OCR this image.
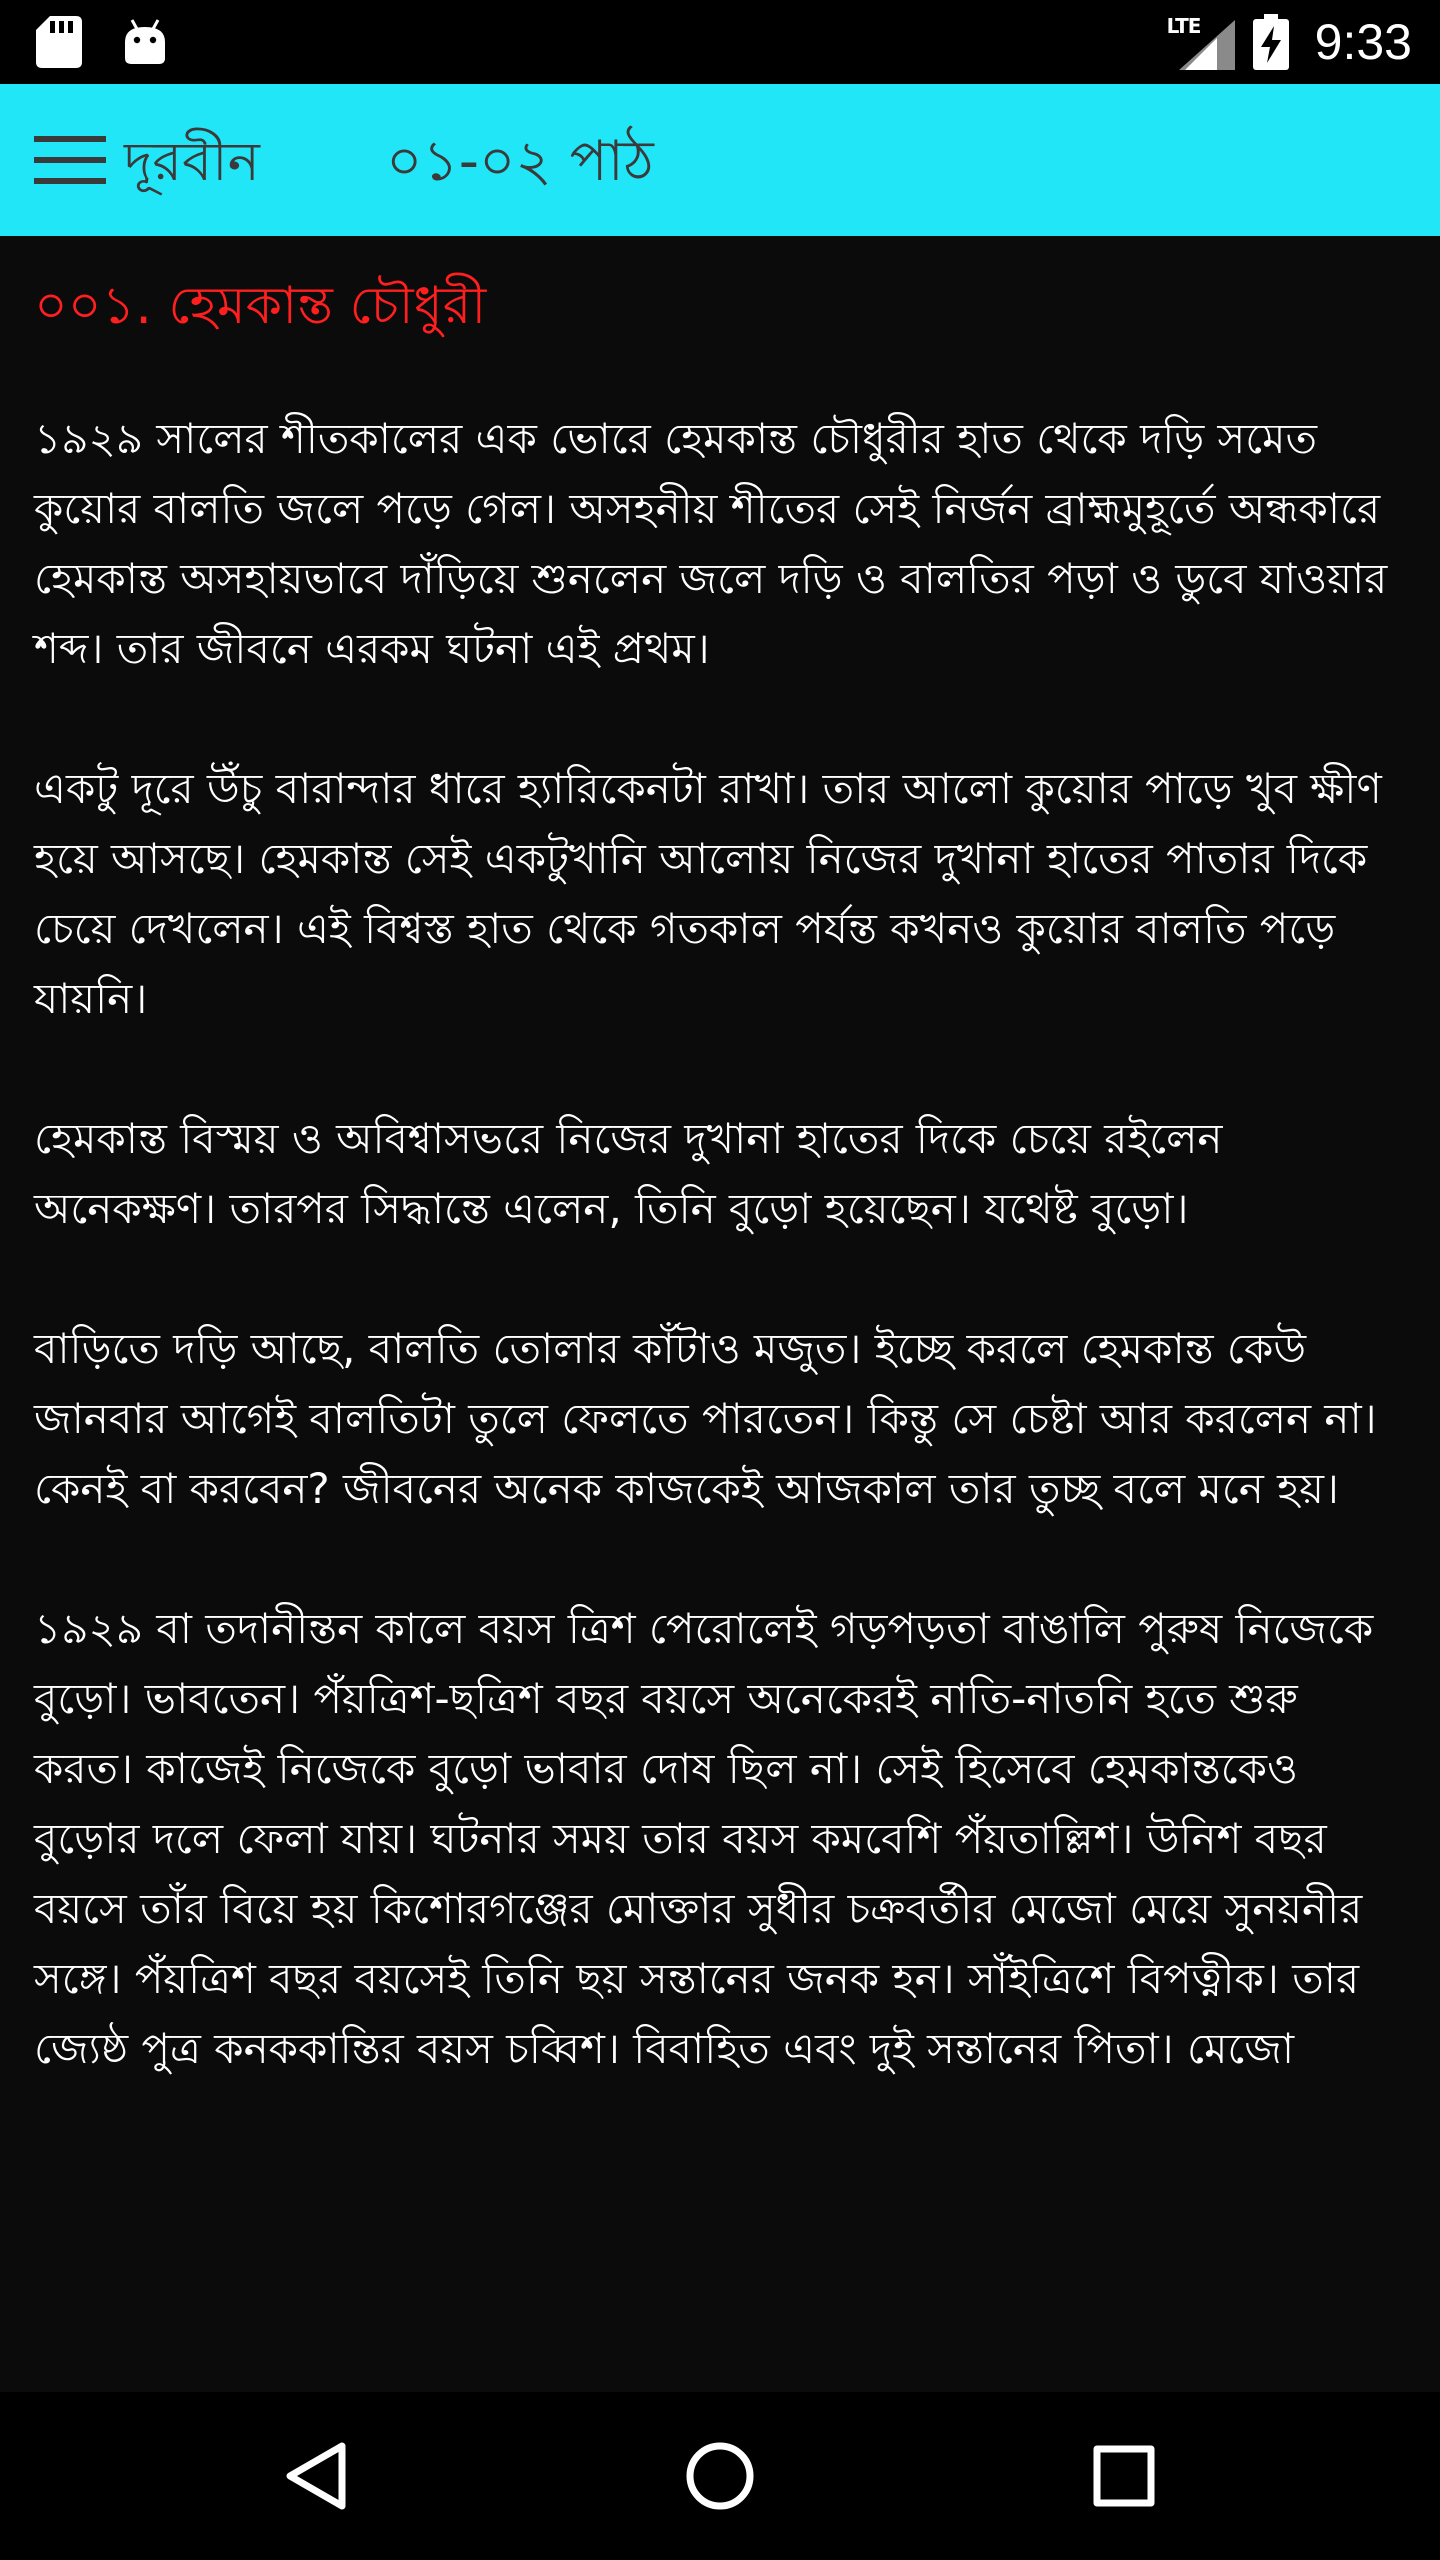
LTE 9:33
দূরবীন ০১-০২ পাঠ
০০১. হেমকান্ত চৌধুরী

১৯২৯ সালের শীতকালের এক ভোরে হেমকান্ত চৌধুরীর হাত থেকে দড়ি সমেত কুয়োর বালতি জলে পড়ে গেল। অসহনীয় শীতের সেই নির্জন ব্রাহ্মমুহূর্তে অন্ধকারে হেমকান্ত অসহায়ভাবে দাঁড়িয়ে শুনলেন জলে দড়ি ও বালতির পড়া ও ডুবে যাওয়ার শব্দ। তার জীবনে এরকম ঘটনা এই প্রথম।

একটু দূরে উঁচু বারান্দার ধারে হ্যারিকেনটা রাখা। তার আলো কুয়োর পাড়ে খুব ক্ষীণ হয়ে আসছে। হেমকান্ত সেই একটুখানি আলোয় নিজের দুখানা হাতের পাতার দিকে চেয়ে দেখলেন। এই বিশ্বস্ত হাত থেকে গতকাল পর্যন্ত কখনও কুয়োর বালতি পড়ে যায়নি।

হেমকান্ত বিস্ময় ও অবিশ্বাসভরে নিজের দুখানা হাতের দিকে চেয়ে রইলেন অনেকক্ষণ। তারপর সিদ্ধান্তে এলেন, তিনি বুড়ো হয়েছেন। যথেষ্ট বুড়ো।

বাড়িতে দড়ি আছে, বালতি তোলার কাঁটাও মজুত। ইচ্ছে করলে হেমকান্ত কেউ জানবার আগেই বালতিটা তুলে ফেলতে পারতেন। কিন্তু সে চেষ্টা আর করলেন না। কেনই বা করবেন? জীবনের অনেক কাজকেই আজকাল তার তুচ্ছ বলে মনে হয়।

১৯২৯ বা তদানীন্তন কালে বয়স ত্রিশ পেরোলেই গড়পড়তা বাঙালি পুরুষ নিজেকে বুড়ো। ভাবতেন। পঁয়ত্রিশ-ছত্রিশ বছর বয়সে অনেকেরই নাতি-নাতনি হতে শুরু করত। কাজেই নিজেকে বুড়ো ভাবার দোষ ছিল না। সেই হিসেবে হেমকান্তকেও বুড়োর দলে ফেলা যায়। ঘটনার সময় তার বয়স কমবেশি পঁয়তাল্লিশ। উনিশ বছর বয়সে তাঁর বিয়ে হয় কিশোরগঞ্জের মোক্তার সুধীর চক্রবর্তীর মেজো মেয়ে সুনয়নীর সঙ্গে। পঁয়ত্রিশ বছর বয়সেই তিনি ছয় সন্তানের জনক হন। সাঁইত্রিশে বিপত্নীক। তার জ্যেষ্ঠ পুত্র কনককান্তির বয়স চব্বিশ। বিবাহিত এবং দুই সন্তানের পিতা। মেজো
